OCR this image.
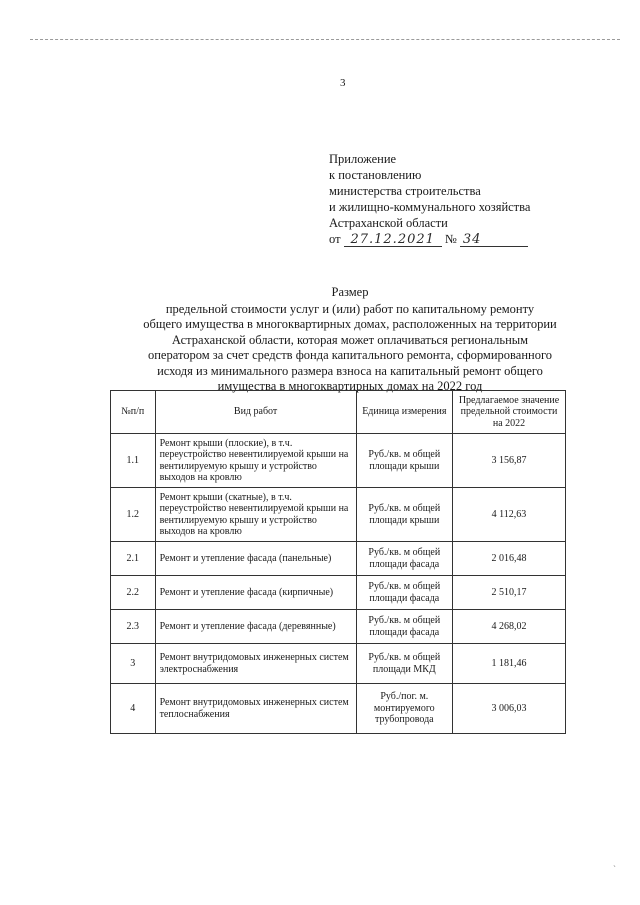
3
Приложение
к постановлению
министерства строительства
и жилищно-коммунального хозяйства
Астраханской области
от 27.12.2021 № 34
Размер
предельной стоимости услуг и (или) работ по капитальному ремонту
общего имущества в многоквартирных домах, расположенных на территории
Астраханской области, которая может оплачиваться региональным
оператором за счет средств фонда капитального ремонта, сформированного
исходя из минимального размера взноса на капитальный ремонт общего
имущества в многоквартирных домах на 2022 год
№п/п	Вид работ	Единица измерения	Предлагаемое значение предельной стоимости на 2022
1.1	Ремонт крыши (плоские), в т.ч. переустройство невентилируемой крыши на вентилируемую крышу и устройство выходов на кровлю	Руб./кв. м общей площади крыши	3 156,87
1.2	Ремонт крыши (скатные), в т.ч. переустройство невентилируемой крыши на вентилируемую крышу и устройство выходов на кровлю	Руб./кв. м общей площади крыши	4 112,63
2.1	Ремонт и утепление фасада (панельные)	Руб./кв. м общей площади фасада	2 016,48
2.2	Ремонт и утепление фасада (кирпичные)	Руб./кв. м общей площади фасада	2 510,17
2.3	Ремонт и утепление фасада (деревянные)	Руб./кв. м общей площади фасада	4 268,02
3	Ремонт внутридомовых инженерных систем электроснабжения	Руб./кв. м общей площади МКД	1 181,46
4	Ремонт внутридомовых инженерных систем теплоснабжения	Руб./пог. м. монтируемого трубопровода	3 006,03
ˎ
